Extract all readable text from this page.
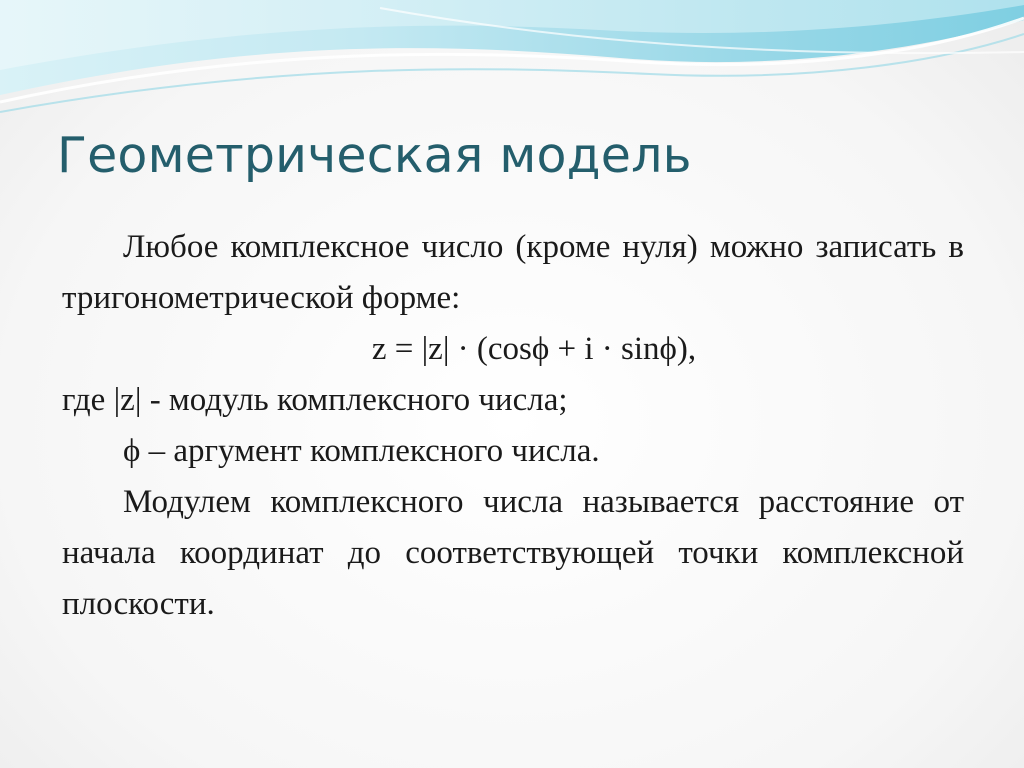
Геометрическая модель

Любое комплексное число (кроме нуля) можно записать в тригонометрической форме:

z = |z| · (cosϕ + i · sinϕ),

где |z| - модуль комплексного числа;

ϕ – аргумент комплексного числа.

Модулем комплексного числа называется расстояние от начала координат до соответствующей точки комплексной плоскости.
